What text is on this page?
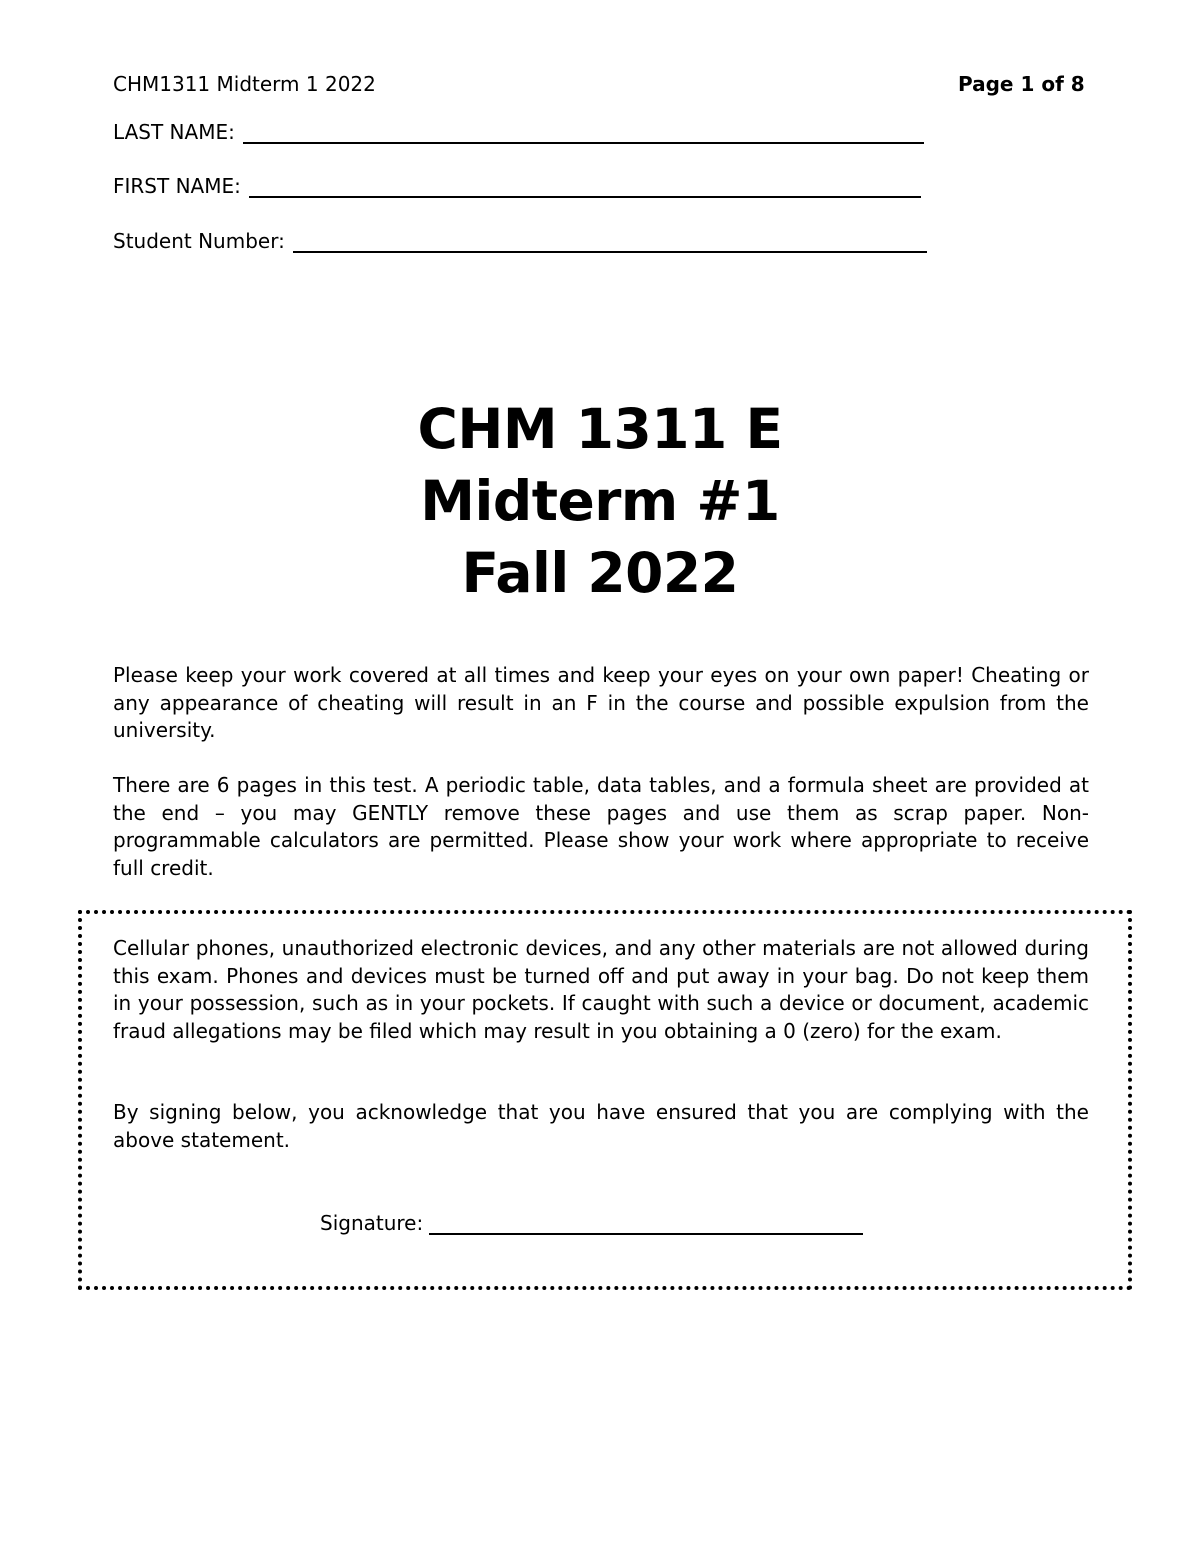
CHM1311 Midterm 1 2022	Page 1 of 8
LAST NAME:
FIRST NAME:
Student Number:
CHM 1311 E
Midterm #1
Fall 2022
Please keep your work covered at all times and keep your eyes on your own paper! Cheating or any appearance of cheating will result in an F in the course and possible expulsion from the university.
There are 6 pages in this test. A periodic table, data tables, and a formula sheet are provided at the end – you may GENTLY remove these pages and use them as scrap paper. Non-programmable calculators are permitted. Please show your work where appropriate to receive full credit.
Cellular phones, unauthorized electronic devices, and any other materials are not allowed during this exam. Phones and devices must be turned off and put away in your bag. Do not keep them in your possession, such as in your pockets. If caught with such a device or document, academic fraud allegations may be filed which may result in you obtaining a 0 (zero) for the exam.
By signing below, you acknowledge that you have ensured that you are complying with the above statement.
Signature:
